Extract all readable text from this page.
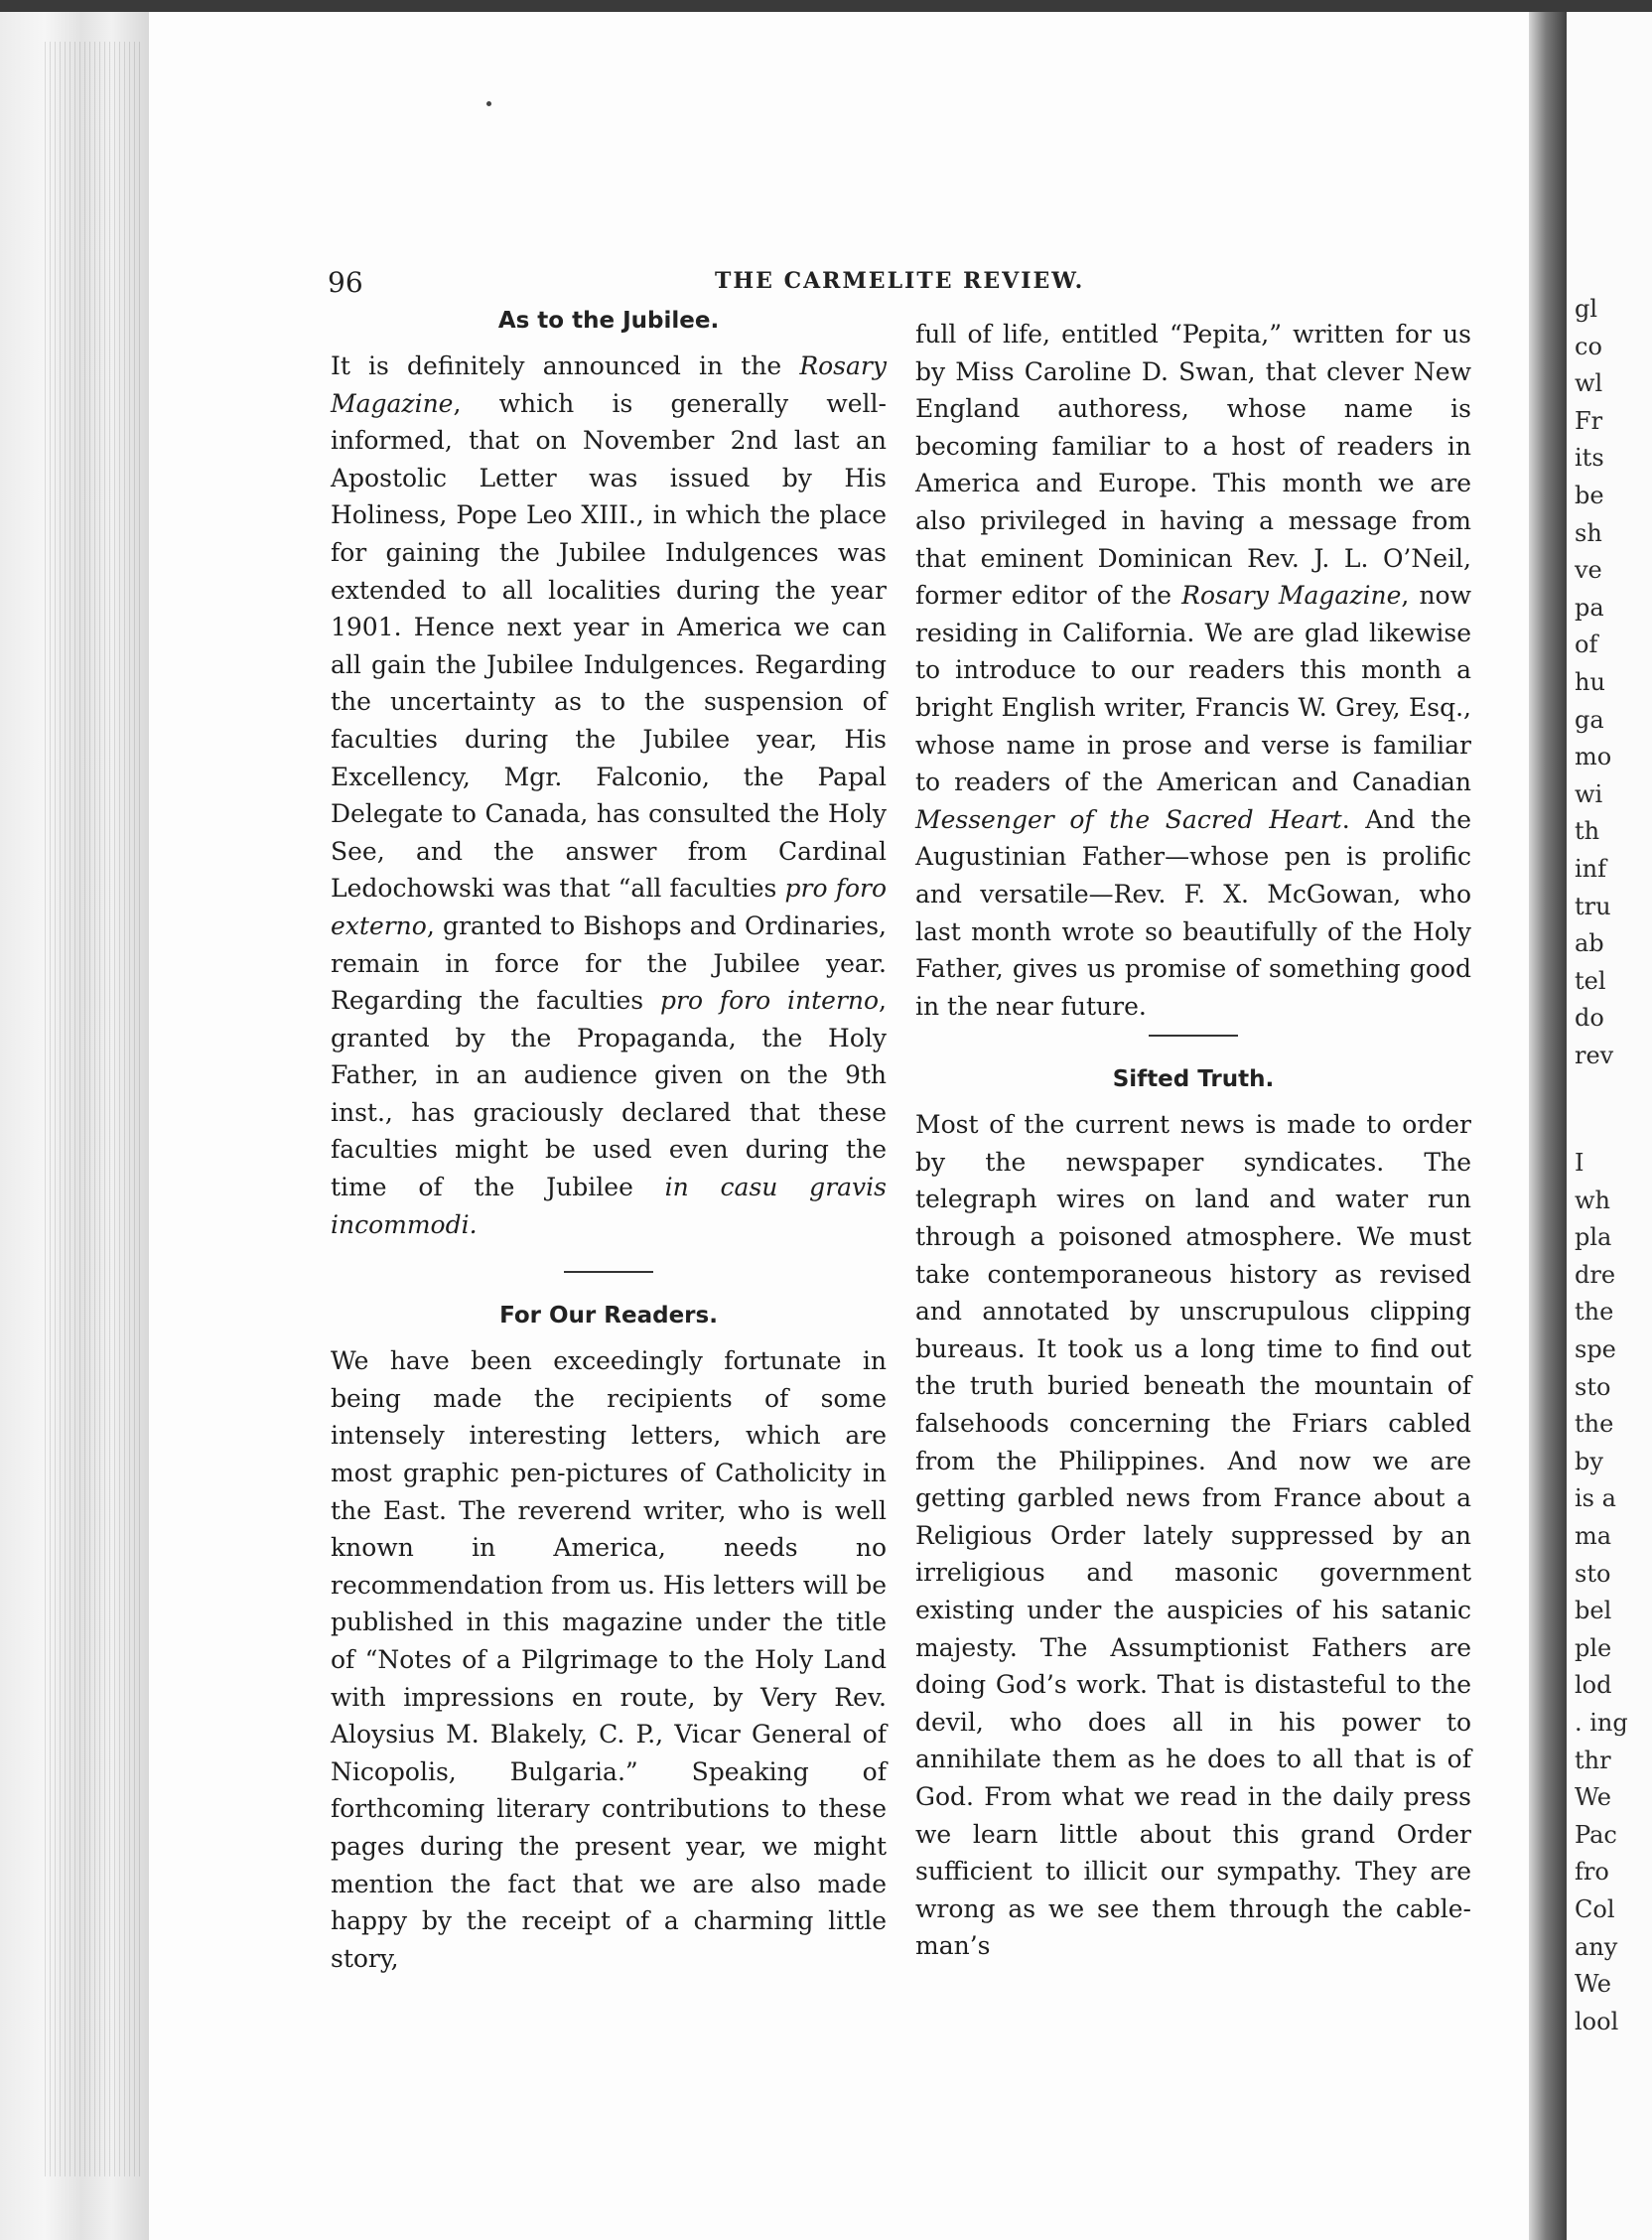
96	THE CARMELITE REVIEW.
As to the Jubilee.

It is definitely announced in the Rosary Magazine, which is generally well-informed, that on November 2nd last an Apostolic Letter was issued by His Holiness, Pope Leo XIII., in which the place for gaining the Jubilee Indulgences was extended to all localities during the year 1901. Hence next year in America we can all gain the Jubilee Indulgences. Regarding the uncertainty as to the suspension of faculties during the Jubilee year, His Excellency, Mgr. Falconio, the Papal Delegate to Canada, has consulted the Holy See, and the answer from Cardinal Ledochowski was that “all faculties pro foro externo, granted to Bishops and Ordinaries, remain in force for the Jubilee year. Regarding the faculties pro foro interno, granted by the Propaganda, the Holy Father, in an audience given on the 9th inst., has graciously declared that these faculties might be used even during the time of the Jubilee in casu gravis incommodi.

For Our Readers.

We have been exceedingly fortunate in being made the recipients of some intensely interesting letters, which are most graphic pen-pictures of Catholicity in the East. The reverend writer, who is well known in America, needs no recommendation from us. His letters will be published in this magazine under the title of “Notes of a Pilgrimage to the Holy Land with impressions en route, by Very Rev. Aloysius M. Blakely, C. P., Vicar General of Nicopolis, Bulgaria.” Speaking of forthcoming literary contributions to these pages during the present year, we might mention the fact that we are also made happy by the receipt of a charming little story,

full of life, entitled “Pepita,” written for us by Miss Caroline D. Swan, that clever New England authoress, whose name is becoming familiar to a host of readers in America and Europe. This month we are also privileged in having a message from that eminent Dominican Rev. J. L. O’Neil, former editor of the Rosary Magazine, now residing in California. We are glad likewise to introduce to our readers this month a bright English writer, Francis W. Grey, Esq., whose name in prose and verse is familiar to readers of the American and Canadian Messenger of the Sacred Heart. And the Augustinian Father—whose pen is prolific and versatile—Rev. F. X. McGowan, who last month wrote so beautifully of the Holy Father, gives us promise of something good in the near future.

Sifted Truth.

Most of the current news is made to order by the newspaper syndicates. The telegraph wires on land and water run through a poisoned atmosphere. We must take contemporaneous history as revised and annotated by unscrupulous clipping bureaus. It took us a long time to find out the truth buried beneath the mountain of falsehoods concerning the Friars cabled from the Philippines. And now we are getting garbled news from France about a Religious Order lately suppressed by an irreligious and masonic government existing under the auspicies of his satanic majesty. The Assumptionist Fathers are doing God’s work. That is distasteful to the devil, who does all in his power to annihilate them as he does to all that is of God. From what we read in the daily press we learn little about this grand Order sufficient to illicit our sympathy. They are wrong as we see them through the cable-man’s

gl
co
wl
Fr
its
be
sh
ve
pa
of
hu
ga
mo
wi
th
inf
tru
ab
tel
do
rev
I
wh
pla
dre
the
spe
sto
the
by
is a
ma
sto
bel
ple
lod
. ing
thr
We
Pac
fro
Col
any
We
lool
